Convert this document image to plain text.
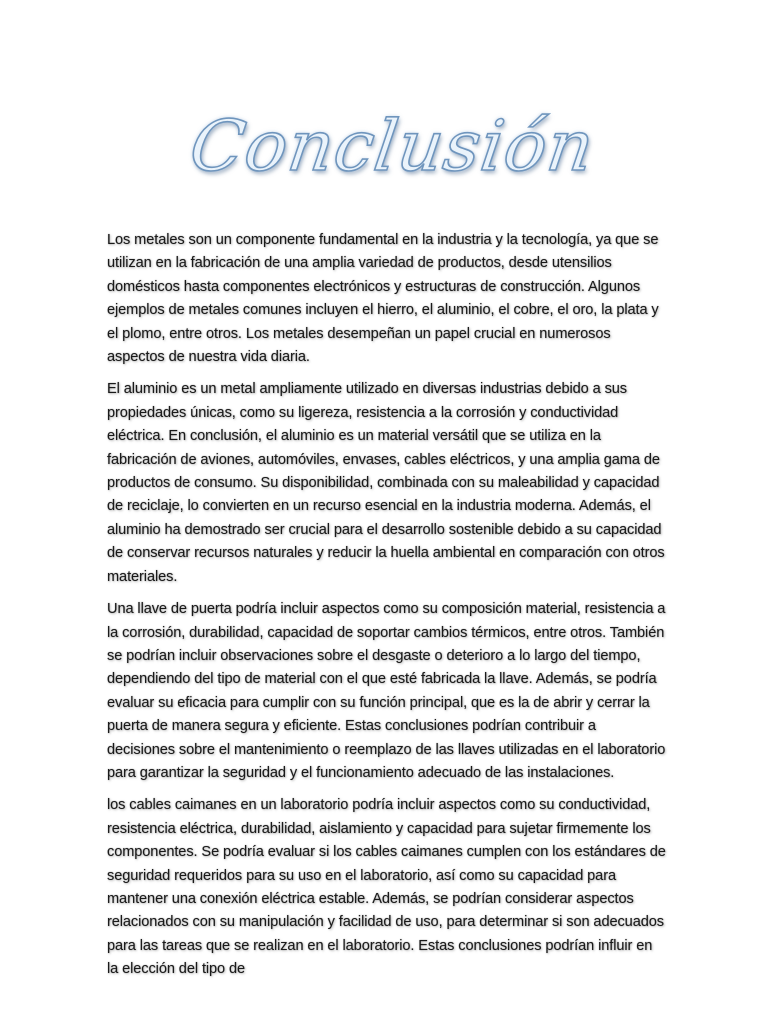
Conclusión

Los metales son un componente fundamental en la industria y la tecnología, ya que se utilizan en la fabricación de una amplia variedad de productos, desde utensilios domésticos hasta componentes electrónicos y estructuras de construcción. Algunos ejemplos de metales comunes incluyen el hierro, el aluminio, el cobre, el oro, la plata y el plomo, entre otros. Los metales desempeñan un papel crucial en numerosos aspectos de nuestra vida diaria.

El aluminio es un metal ampliamente utilizado en diversas industrias debido a sus propiedades únicas, como su ligereza, resistencia a la corrosión y conductividad eléctrica. En conclusión, el aluminio es un material versátil que se utiliza en la fabricación de aviones, automóviles, envases, cables eléctricos, y una amplia gama de productos de consumo. Su disponibilidad, combinada con su maleabilidad y capacidad de reciclaje, lo convierten en un recurso esencial en la industria moderna. Además, el aluminio ha demostrado ser crucial para el desarrollo sostenible debido a su capacidad de conservar recursos naturales y reducir la huella ambiental en comparación con otros materiales.

Una llave de puerta podría incluir aspectos como su composición material, resistencia a la corrosión, durabilidad, capacidad de soportar cambios térmicos, entre otros. También se podrían incluir observaciones sobre el desgaste o deterioro a lo largo del tiempo, dependiendo del tipo de material con el que esté fabricada la llave. Además, se podría evaluar su eficacia para cumplir con su función principal, que es la de abrir y cerrar la puerta de manera segura y eficiente. Estas conclusiones podrían contribuir a decisiones sobre el mantenimiento o reemplazo de las llaves utilizadas en el laboratorio para garantizar la seguridad y el funcionamiento adecuado de las instalaciones.

los cables caimanes en un laboratorio podría incluir aspectos como su conductividad, resistencia eléctrica, durabilidad, aislamiento y capacidad para sujetar firmemente los componentes. Se podría evaluar si los cables caimanes cumplen con los estándares de seguridad requeridos para su uso en el laboratorio, así como su capacidad para mantener una conexión eléctrica estable. Además, se podrían considerar aspectos relacionados con su manipulación y facilidad de uso, para determinar si son adecuados para las tareas que se realizan en el laboratorio. Estas conclusiones podrían influir en la elección del tipo de
